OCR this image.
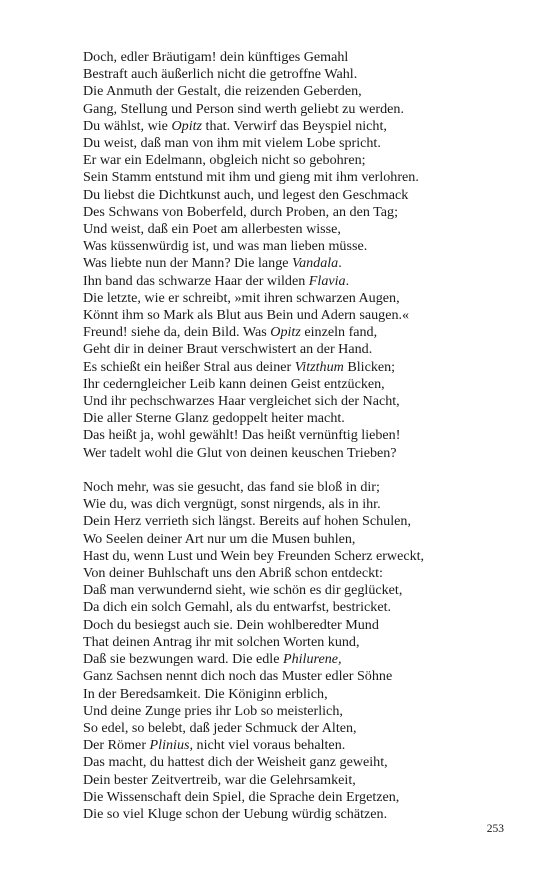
Doch, edler Bräutigam! dein künftiges Gemahl
Bestraft auch äußerlich nicht die getroffne Wahl.
Die Anmuth der Gestalt, die reizenden Geberden,
Gang, Stellung und Person sind werth geliebt zu werden.
Du wählst, wie Opitz that. Verwirf das Beyspiel nicht,
Du weist, daß man von ihm mit vielem Lobe spricht.
Er war ein Edelmann, obgleich nicht so gebohren;
Sein Stamm entstund mit ihm und gieng mit ihm verlohren.
Du liebst die Dichtkunst auch, und legest den Geschmack
Des Schwans von Boberfeld, durch Proben, an den Tag;
Und weist, daß ein Poet am allerbesten wisse,
Was küssenwürdig ist, und was man lieben müsse.
Was liebte nun der Mann? Die lange Vandala.
Ihn band das schwarze Haar der wilden Flavia.
Die letzte, wie er schreibt, »mit ihren schwarzen Augen,
Könnt ihm so Mark als Blut aus Bein und Adern saugen.«
Freund! siehe da, dein Bild. Was Opitz einzeln fand,
Geht dir in deiner Braut verschwistert an der Hand.
Es schießt ein heißer Stral aus deiner Vitzthum Blicken;
Ihr cederngleicher Leib kann deinen Geist entzücken,
Und ihr pechschwarzes Haar vergleichet sich der Nacht,
Die aller Sterne Glanz gedoppelt heiter macht.
Das heißt ja, wohl gewählt! Das heißt vernünftig lieben!
Wer tadelt wohl die Glut von deinen keuschen Trieben?
Noch mehr, was sie gesucht, das fand sie bloß in dir;
Wie du, was dich vergnügt, sonst nirgends, als in ihr.
Dein Herz verrieth sich längst. Bereits auf hohen Schulen,
Wo Seelen deiner Art nur um die Musen buhlen,
Hast du, wenn Lust und Wein bey Freunden Scherz erweckt,
Von deiner Buhlschaft uns den Abriß schon entdeckt:
Daß man verwundernd sieht, wie schön es dir geglücket,
Da dich ein solch Gemahl, als du entwarfst, bestricket.
Doch du besiegst auch sie. Dein wohlberedter Mund
That deinen Antrag ihr mit solchen Worten kund,
Daß sie bezwungen ward. Die edle Philurene,
Ganz Sachsen nennt dich noch das Muster edler Söhne
In der Beredsamkeit. Die Königinn erblich,
Und deine Zunge pries ihr Lob so meisterlich,
So edel, so belebt, daß jeder Schmuck der Alten,
Der Römer Plinius, nicht viel voraus behalten.
Das macht, du hattest dich der Weisheit ganz geweiht,
Dein bester Zeitvertreib, war die Gelehrsamkeit,
Die Wissenschaft dein Spiel, die Sprache dein Ergetzen,
Die so viel Kluge schon der Uebung würdig schätzen.
253
